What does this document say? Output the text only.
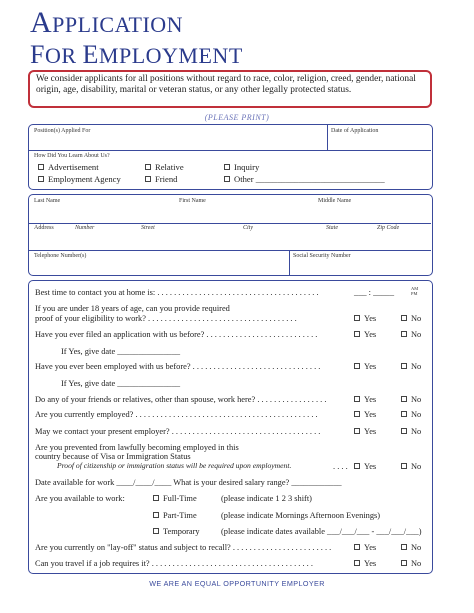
APPLICATION
FOR EMPLOYMENT
We consider applicants for all positions without regard to race, color, religion, creed, gender, national origin, age, disability, marital or veteran status, or any other legally protected status.
(PLEASE PRINT)
Position(s) Applied For	Date of Application
How Did You Learn About Us?
Advertisement	Relative	Inquiry
Employment Agency	Friend	Other ______________________________
Last Name	First Name	Middle Name
Address	Number	Street	City	State	Zip Code
Telephone Number(s)	Social Security Number
Best time to contact you at home is: . . . . . . . . . . . . . . . . . . . . . . . . . . . . . . . . . . . . . . .	___ : _____	AM
PM
If you are under 18 years of age, can you provide required
proof of your eligibility to work? . . . . . . . . . . . . . . . . . . . . . . . . . . . . . . . . . . . .	Yes	No
Have you ever filed an application with us before? . . . . . . . . . . . . . . . . . . . . . . . . . . .	Yes	No
If Yes, give date _______________
Have you ever been employed with us before? . . . . . . . . . . . . . . . . . . . . . . . . . . . . . . .	Yes	No
If Yes, give date _______________
Do any of your friends or relatives, other than spouse, work here? . . . . . . . . . . . . . . . . .	Yes	No
Are you currently employed? . . . . . . . . . . . . . . . . . . . . . . . . . . . . . . . . . . . . . . . . . . . .	Yes	No
May we contact your present employer? . . . . . . . . . . . . . . . . . . . . . . . . . . . . . . . . . . . .	Yes	No
Are you prevented from lawfully becoming employed in this
country because of Visa or Immigration Status
Proof of citizenship or immigration status will be required upon employment.	. . . .	Yes	No
Date available for work ____/____/____ What is your desired salary range? ____________
Are you available to work:	Full-Time	(please indicate 1 2 3 shift)
Part-Time	(please indicate Mornings Afternoon Evenings)
Temporary	(please indicate dates available ___/___/___ - ___/___/___)
Are you currently on "lay-off" status and subject to recall? . . . . . . . . . . . . . . . . . . . . . . . .	Yes	No
Can you travel if a job requires it? . . . . . . . . . . . . . . . . . . . . . . . . . . . . . . . . . . . . . . .	Yes	No
WE ARE AN EQUAL OPPORTUNITY EMPLOYER
